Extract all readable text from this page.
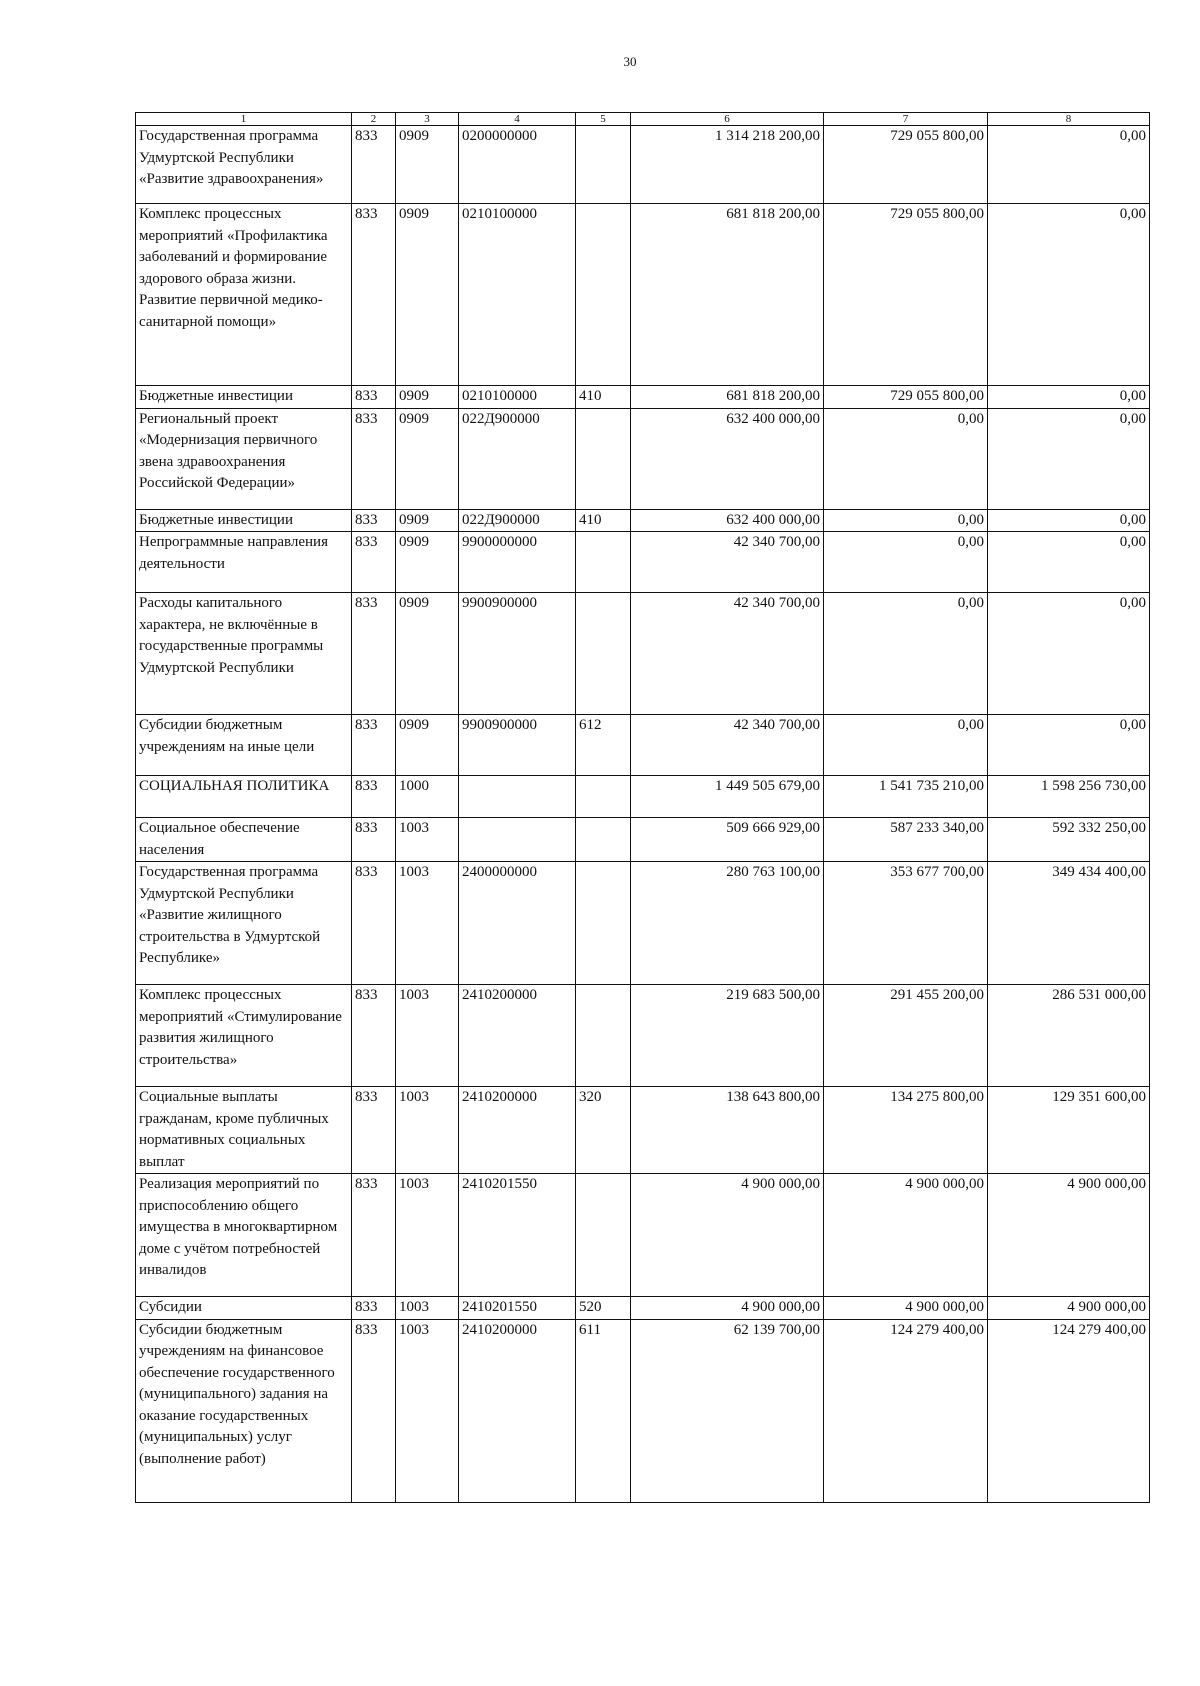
30
1	2	3	4	5	6	7	8
Государственная программа Удмуртской Республики «Развитие здравоохранения»	833	0909	0200000000		1 314 218 200,00	729 055 800,00	0,00
Комплекс процессных мероприятий «Профилактика заболеваний и формирование здорового образа жизни. Развитие первичной медико-санитарной помощи»	833	0909	0210100000		681 818 200,00	729 055 800,00	0,00
Бюджетные инвестиции	833	0909	0210100000	410	681 818 200,00	729 055 800,00	0,00
Региональный проект «Модернизация первичного звена здравоохранения Российской Федерации»	833	0909	022Д900000		632 400 000,00	0,00	0,00
Бюджетные инвестиции	833	0909	022Д900000	410	632 400 000,00	0,00	0,00
Непрограммные направления деятельности	833	0909	9900000000		42 340 700,00	0,00	0,00
Расходы капитального характера, не включённые в государственные программы Удмуртской Республики	833	0909	9900900000		42 340 700,00	0,00	0,00
Субсидии бюджетным учреждениям на иные цели	833	0909	9900900000	612	42 340 700,00	0,00	0,00
СОЦИАЛЬНАЯ ПОЛИТИКА	833	1000			1 449 505 679,00	1 541 735 210,00	1 598 256 730,00
Социальное обеспечение населения	833	1003			509 666 929,00	587 233 340,00	592 332 250,00
Государственная программа Удмуртской Республики «Развитие жилищного строительства в Удмуртской Республике»	833	1003	2400000000		280 763 100,00	353 677 700,00	349 434 400,00
Комплекс процессных мероприятий «Стимулирование развития жилищного строительства»	833	1003	2410200000		219 683 500,00	291 455 200,00	286 531 000,00
Социальные выплаты гражданам, кроме публичных нормативных социальных выплат	833	1003	2410200000	320	138 643 800,00	134 275 800,00	129 351 600,00
Реализация мероприятий по приспособлению общего имущества в многоквартирном доме с учётом потребностей инвалидов	833	1003	2410201550		4 900 000,00	4 900 000,00	4 900 000,00
Субсидии	833	1003	2410201550	520	4 900 000,00	4 900 000,00	4 900 000,00
Субсидии бюджетным учреждениям на финансовое обеспечение государственного (муниципального) задания на оказание государственных (муниципальных) услуг (выполнение работ)	833	1003	2410200000	611	62 139 700,00	124 279 400,00	124 279 400,00
